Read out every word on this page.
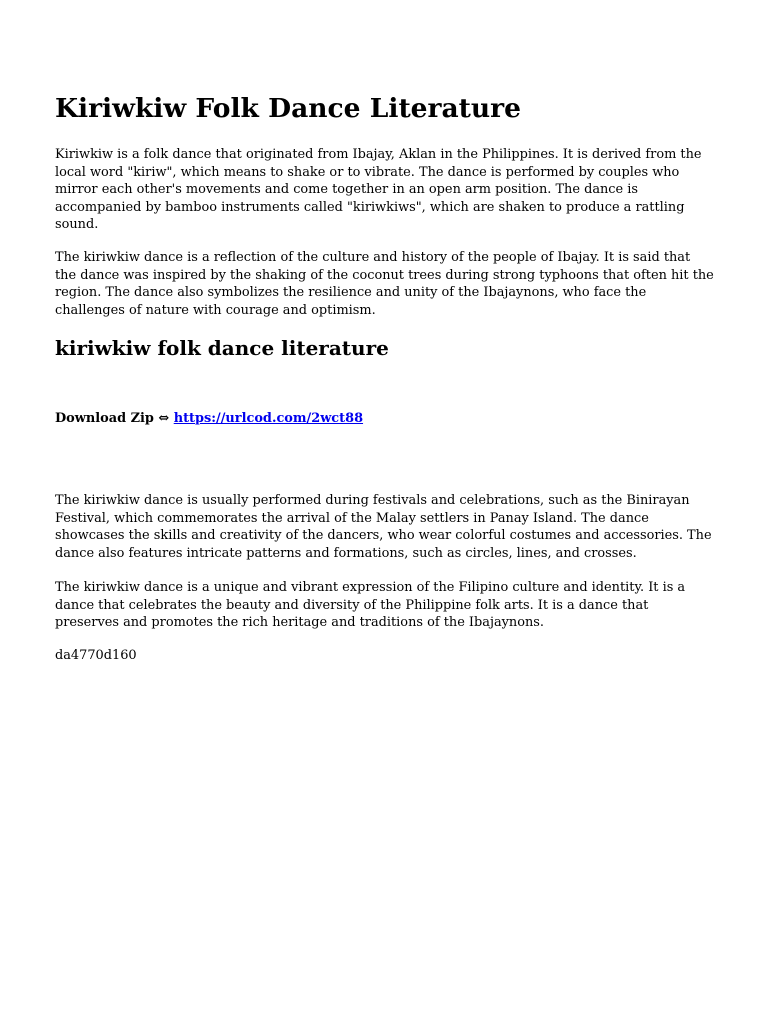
Kiriwkiw Folk Dance Literature

Kiriwkiw is a folk dance that originated from Ibajay, Aklan in the Philippines. It is derived from the local word "kiriw", which means to shake or to vibrate. The dance is performed by couples who mirror each other's movements and come together in an open arm position. The dance is accompanied by bamboo instruments called "kiriwkiws", which are shaken to produce a rattling sound.

The kiriwkiw dance is a reflection of the culture and history of the people of Ibajay. It is said that the dance was inspired by the shaking of the coconut trees during strong typhoons that often hit the region. The dance also symbolizes the resilience and unity of the Ibajaynons, who face the challenges of nature with courage and optimism.

kiriwkiw folk dance literature
Download Zip ⇔ https://urlcod.com/2wct88

The kiriwkiw dance is usually performed during festivals and celebrations, such as the Binirayan Festival, which commemorates the arrival of the Malay settlers in Panay Island. The dance showcases the skills and creativity of the dancers, who wear colorful costumes and accessories. The dance also features intricate patterns and formations, such as circles, lines, and crosses.

The kiriwkiw dance is a unique and vibrant expression of the Filipino culture and identity. It is a dance that celebrates the beauty and diversity of the Philippine folk arts. It is a dance that preserves and promotes the rich heritage and traditions of the Ibajaynons.

da4770d160
